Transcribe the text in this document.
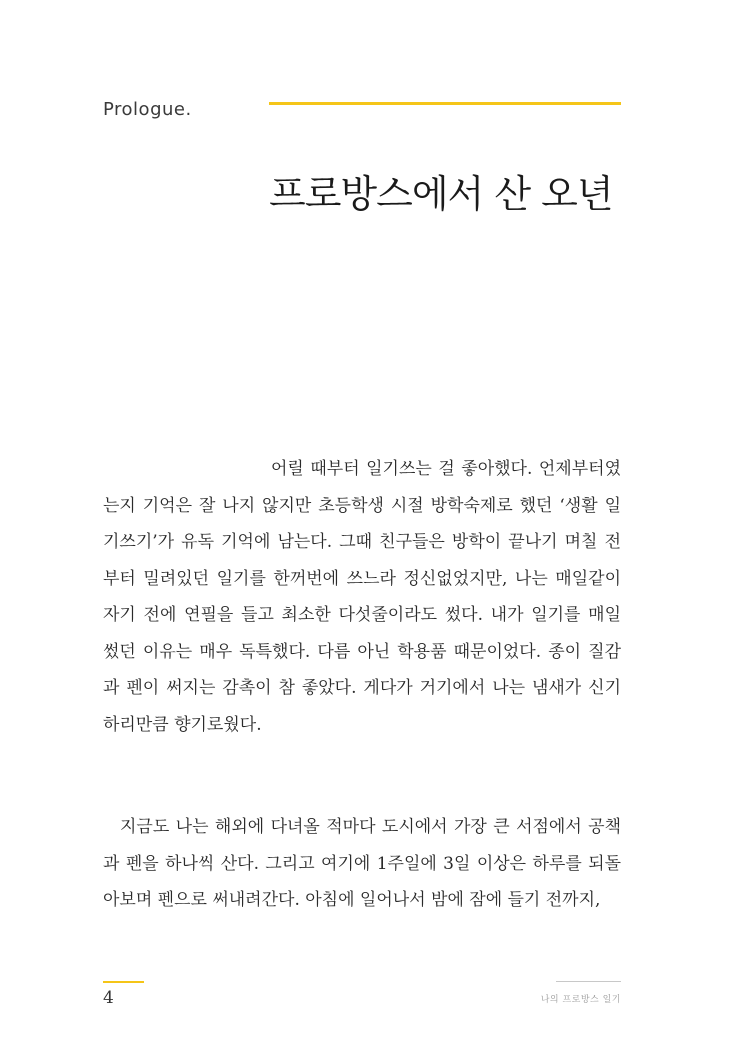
Prologue.
프로방스에서 산 오년

어릴 때부터 일기쓰는 걸 좋아했다. 언제부터였는지 기억은 잘 나지 않지만 초등학생 시절 방학숙제로 했던 ‘생활 일기쓰기’가 유독 기억에 남는다. 그때 친구들은 방학이 끝나기 며칠 전부터 밀려있던 일기를 한꺼번에 쓰느라 정신없었지만, 나는 매일같이 자기 전에 연필을 들고 최소한 다섯줄이라도 썼다. 내가 일기를 매일 썼던 이유는 매우 독특했다. 다름 아닌 학용품 때문이었다. 종이 질감과 펜이 써지는 감촉이 참 좋았다. 게다가 거기에서 나는 냄새가 신기하리만큼 향기로웠다.

지금도 나는 해외에 다녀올 적마다 도시에서 가장 큰 서점에서 공책과 펜을 하나씩 산다. 그리고 여기에 1주일에 3일 이상은 하루를 되돌아보며 펜으로 써내려간다. 아침에 일어나서 밤에 잠에 들기 전까지,

4	나의 프로방스 일기
